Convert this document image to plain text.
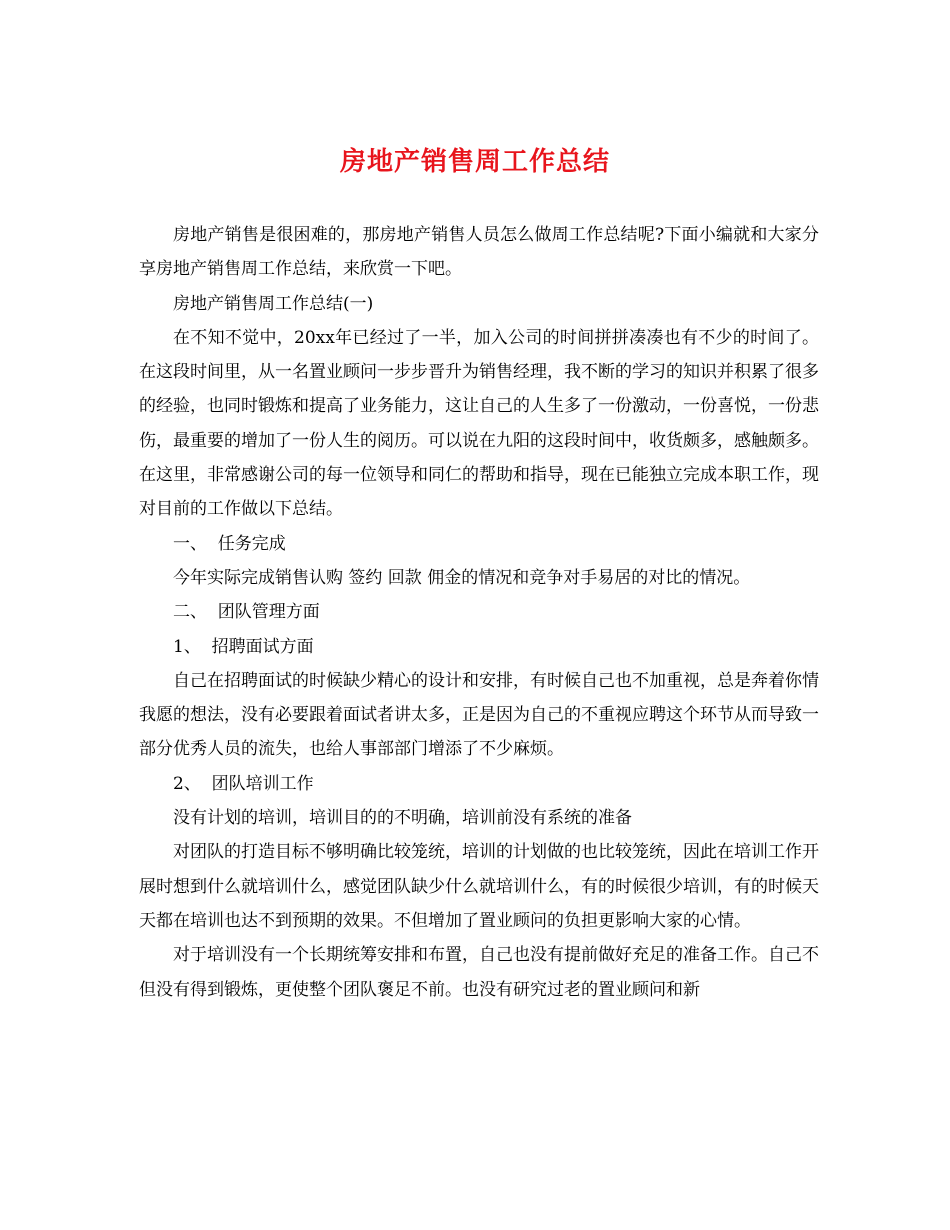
房地产销售周工作总结

房地产销售是很困难的，那房地产销售人员怎么做周工作总结呢?下面小编就和大家分享房地产销售周工作总结，来欣赏一下吧。

房地产销售周工作总结(一)

在不知不觉中，20xx年已经过了一半，加入公司的时间拼拼凑凑也有不少的时间了。在这段时间里，从一名置业顾问一步步晋升为销售经理，我不断的学习的知识并积累了很多的经验，也同时锻炼和提高了业务能力，这让自己的人生多了一份激动，一份喜悦，一份悲伤，最重要的增加了一份人生的阅历。可以说在九阳的这段时间中，收货颇多，感触颇多。在这里，非常感谢公司的每一位领导和同仁的帮助和指导，现在已能独立完成本职工作，现对目前的工作做以下总结。

一、  任务完成

今年实际完成销售认购 签约 回款 佣金的情况和竞争对手易居的对比的情况。

二、  团队管理方面

1、  招聘面试方面

自己在招聘面试的时候缺少精心的设计和安排，有时候自己也不加重视，总是奔着你情我愿的想法，没有必要跟着面试者讲太多，正是因为自己的不重视应聘这个环节从而导致一部分优秀人员的流失，也给人事部部门增添了不少麻烦。

2、  团队培训工作

没有计划的培训，培训目的的不明确，培训前没有系统的准备

对团队的打造目标不够明确比较笼统，培训的计划做的也比较笼统，因此在培训工作开展时想到什么就培训什么，感觉团队缺少什么就培训什么，有的时候很少培训，有的时候天天都在培训也达不到预期的效果。不但增加了置业顾问的负担更影响大家的心情。

对于培训没有一个长期统筹安排和布置，自己也没有提前做好充足的准备工作。自己不但没有得到锻炼，更使整个团队褒足不前。也没有研究过老的置业顾问和新
